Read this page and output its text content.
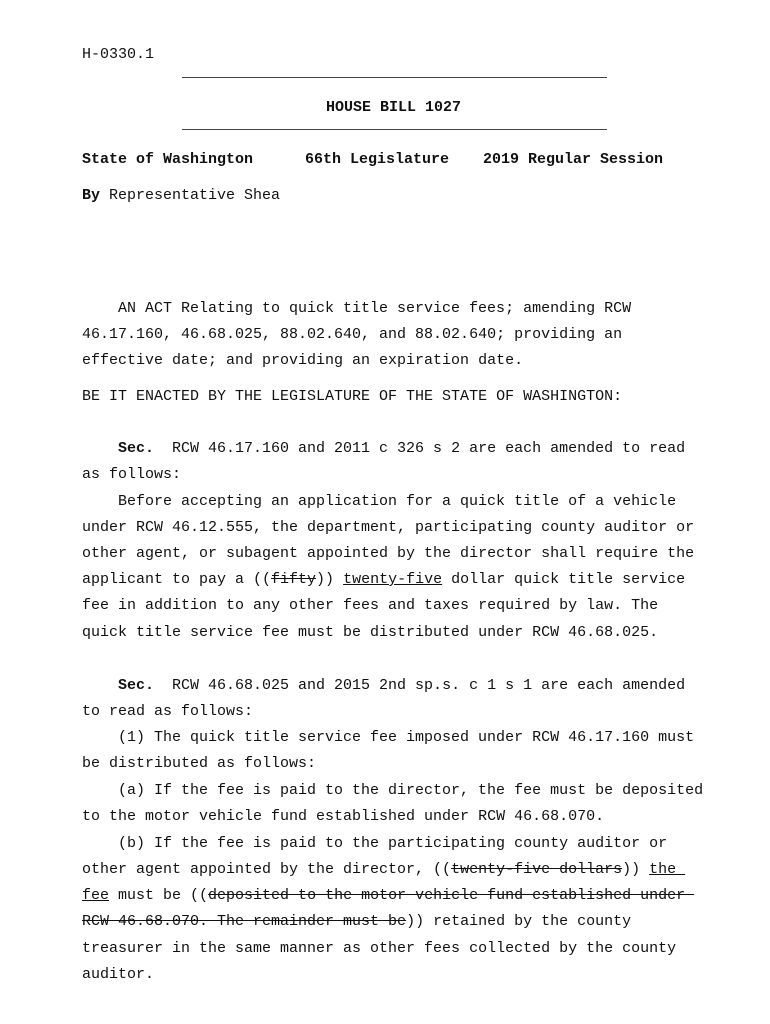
H-0330.1
HOUSE BILL 1027
State of Washington	66th Legislature 2019 Regular Session
By Representative Shea
AN ACT Relating to quick title service fees; amending RCW
46.17.160, 46.68.025, 88.02.640, and 88.02.640; providing an
effective date; and providing an expiration date.
BE IT ENACTED BY THE LEGISLATURE OF THE STATE OF WASHINGTON:
Sec.  RCW 46.17.160 and 2011 c 326 s 2 are each amended to read
as follows:
Before accepting an application for a quick title of a vehicle
under RCW 46.12.555, the department, participating county auditor or
other agent, or subagent appointed by the director shall require the
applicant to pay a ((fifty)) twenty-five dollar quick title service
fee in addition to any other fees and taxes required by law. The
quick title service fee must be distributed under RCW 46.68.025.
Sec.  RCW 46.68.025 and 2015 2nd sp.s. c 1 s 1 are each amended
to read as follows:
(1) The quick title service fee imposed under RCW 46.17.160 must
be distributed as follows:
(a) If the fee is paid to the director, the fee must be deposited
to the motor vehicle fund established under RCW 46.68.070.
(b) If the fee is paid to the participating county auditor or
other agent appointed by the director, ((twenty-five dollars)) the
fee must be ((deposited to the motor vehicle fund established under
RCW 46.68.070. The remainder must be)) retained by the county
treasurer in the same manner as other fees collected by the county
auditor.
